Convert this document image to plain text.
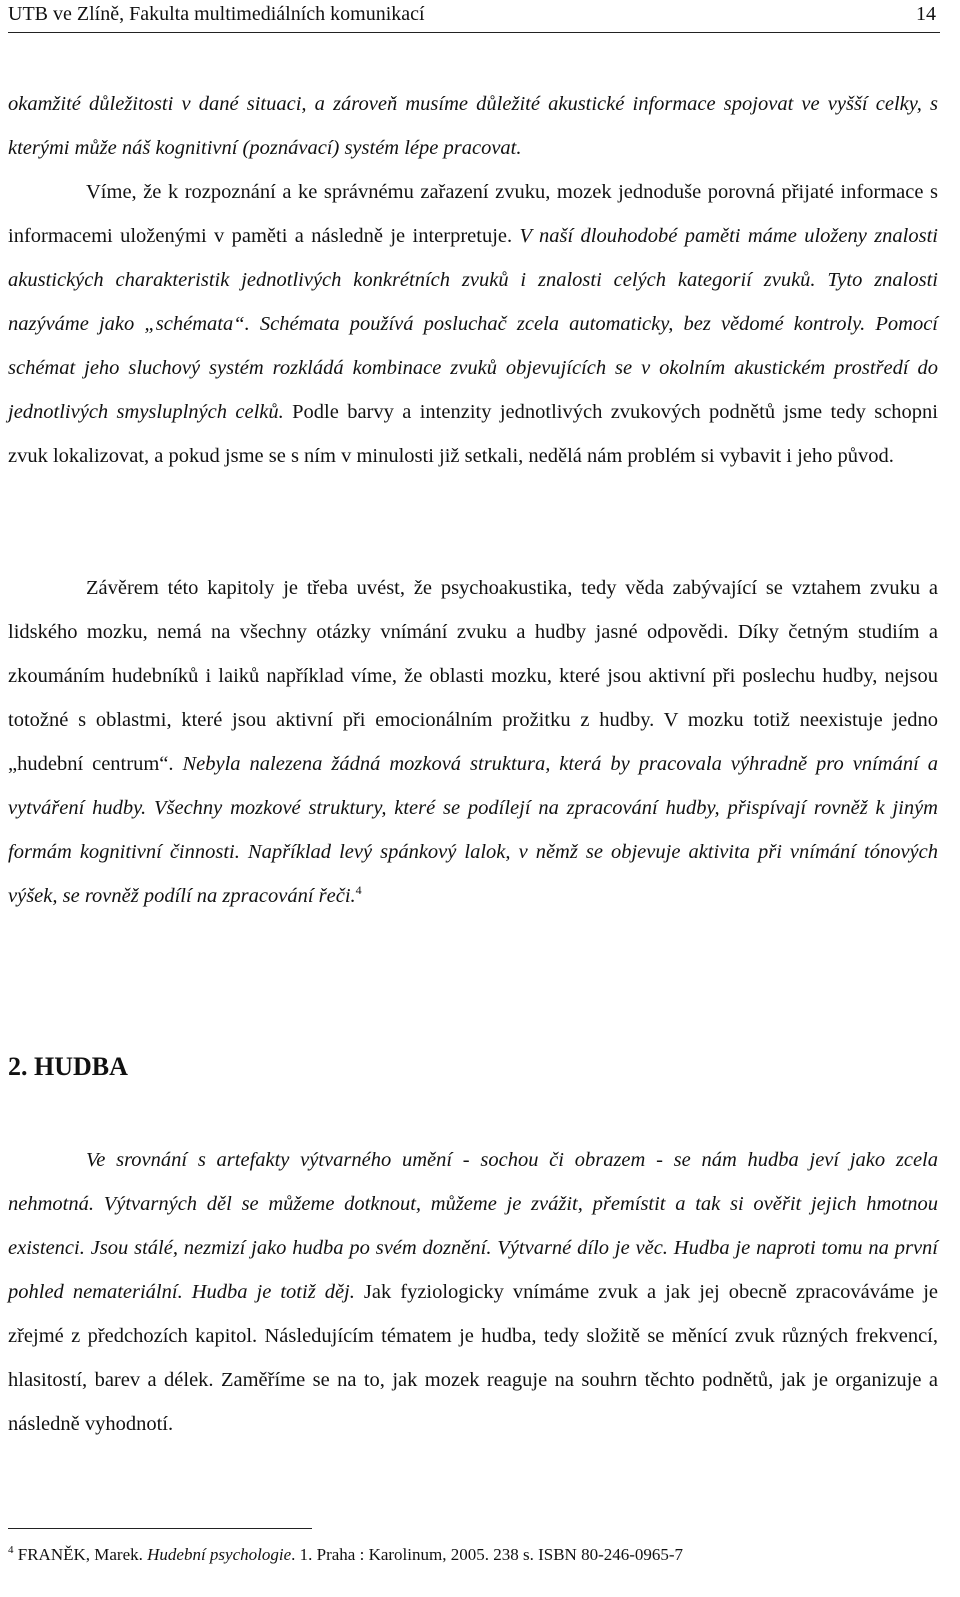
UTB ve Zlíně, Fakulta multimediálních komunikací	14

okamžité důležitosti v dané situaci, a zároveň musíme důležité akustické informace spojovat ve vyšší celky, s kterými může náš kognitivní (poznávací) systém lépe pracovat.

Víme, že k rozpoznání a ke správnému zařazení zvuku, mozek jednoduše porovná přijaté informace s informacemi uloženými v paměti a následně je interpretuje. V naší dlouhodobé paměti máme uloženy znalosti akustických charakteristik jednotlivých konkrétních zvuků i znalosti celých kategorií zvuků. Tyto znalosti nazýváme jako „schémata“. Schémata používá posluchač zcela automaticky, bez vědomé kontroly. Pomocí schémat jeho sluchový systém rozkládá kombinace zvuků objevujících se v okolním akustickém prostředí do jednotlivých smysluplných celků. Podle barvy a intenzity jednotlivých zvukových podnětů jsme tedy schopni zvuk lokalizovat, a pokud jsme se s ním v minulosti již setkali, nedělá nám problém si vybavit i jeho původ.

Závěrem této kapitoly je třeba uvést, že psychoakustika, tedy věda zabývající se vztahem zvuku a lidského mozku, nemá na všechny otázky vnímání zvuku a hudby jasné odpovědi. Díky četným studiím a zkoumáním hudebníků i laiků například víme, že oblasti mozku, které jsou aktivní při poslechu hudby, nejsou totožné s oblastmi, které jsou aktivní při emocionálním prožitku z hudby. V mozku totiž neexistuje jedno „hudební centrum“. Nebyla nalezena žádná mozková struktura, která by pracovala výhradně pro vnímání a vytváření hudby. Všechny mozkové struktury, které se podílejí na zpracování hudby, přispívají rovněž k jiným formám kognitivní činnosti. Například levý spánkový lalok, v němž se objevuje aktivita při vnímání tónových výšek, se rovněž podílí na zpracování řeči.$^4$

2. HUDBA

Ve srovnání s artefakty výtvarného umění - sochou či obrazem - se nám hudba jeví jako zcela nehmotná. Výtvarných děl se můžeme dotknout, můžeme je zvážit, přemístit a tak si ověřit jejich hmotnou existenci. Jsou stálé, nezmizí jako hudba po svém doznění. Výtvarné dílo je věc. Hudba je naproti tomu na první pohled nemateriální. Hudba je totiž děj. Jak fyziologicky vnímáme zvuk a jak jej obecně zpracováváme je zřejmé z předchozích kapitol. Následujícím tématem je hudba, tedy složitě se měnící zvuk různých frekvencí, hlasitostí, barev a délek. Zaměříme se na to, jak mozek reaguje na souhrn těchto podnětů, jak je organizuje a následně vyhodnotí.

$^4$ FRANĚK, Marek. Hudební psychologie. 1. Praha : Karolinum, 2005. 238 s. ISBN 80-246-0965-7
